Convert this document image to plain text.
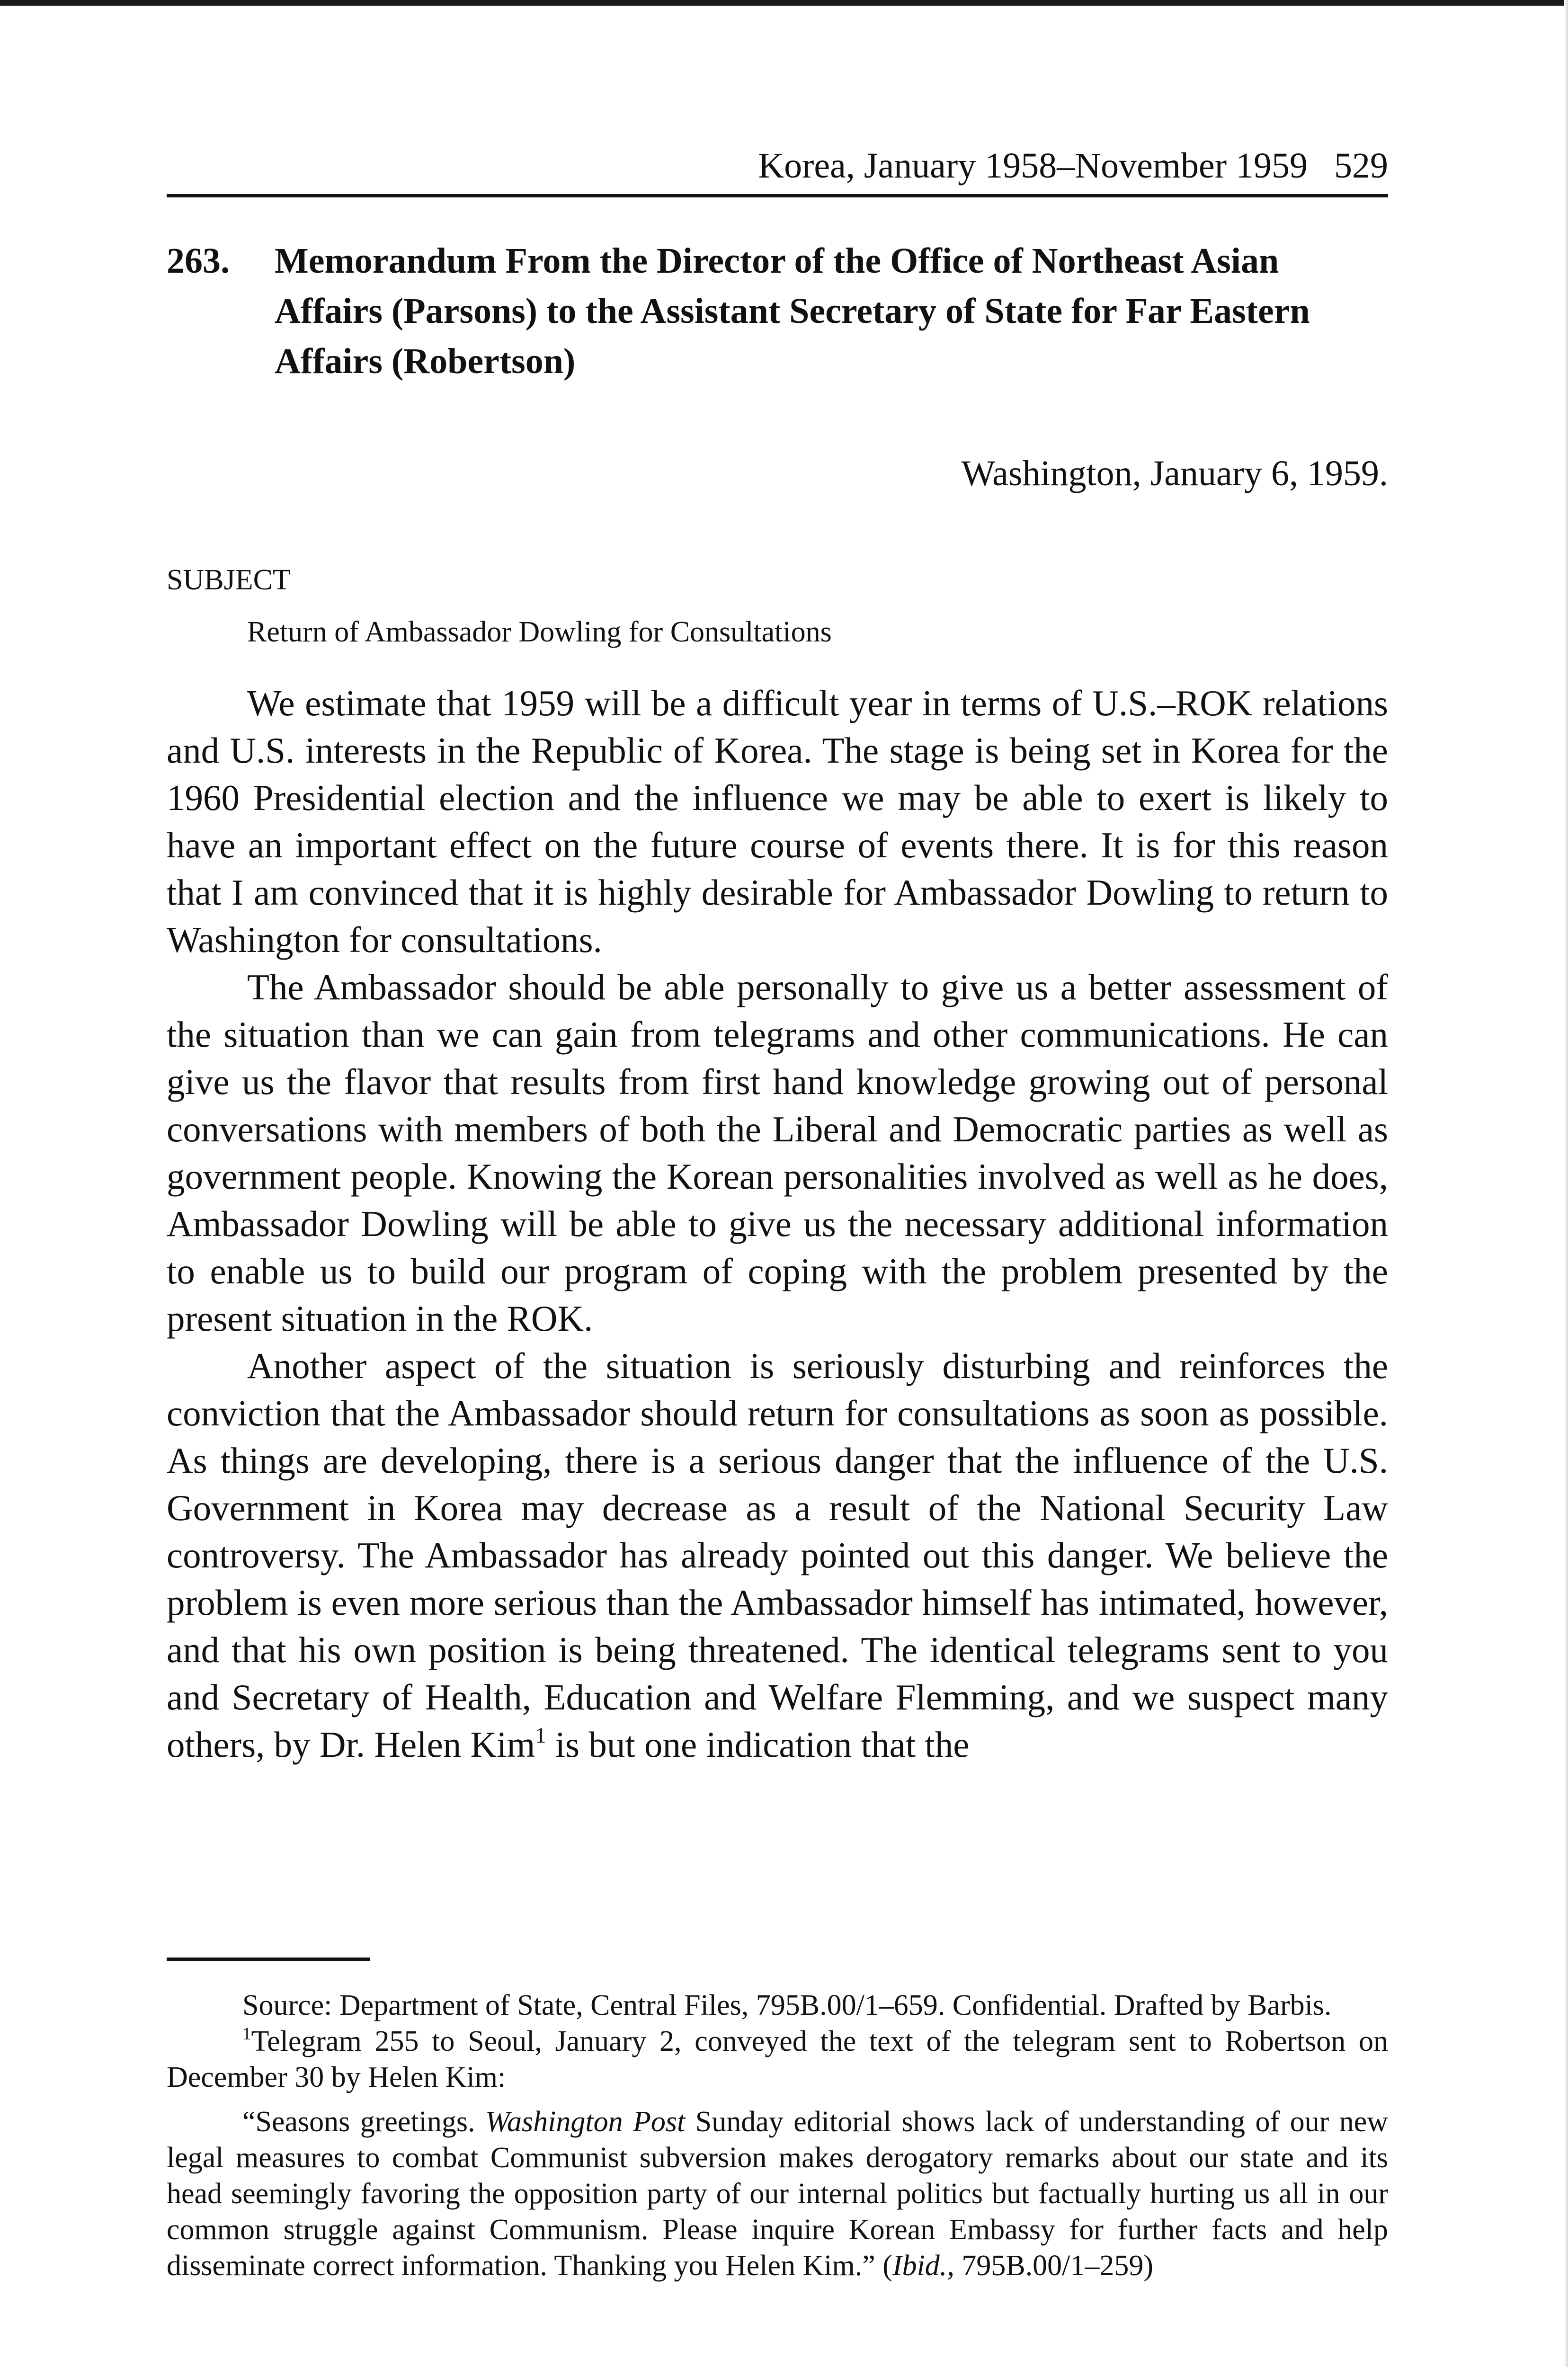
Korea, January 1958–November 1959 529
263. Memorandum From the Director of the Office of Northeast Asian Affairs (Parsons) to the Assistant Secretary of State for Far Eastern Affairs (Robertson)
Washington, January 6, 1959.
SUBJECT
Return of Ambassador Dowling for Consultations

We estimate that 1959 will be a difficult year in terms of U.S.–ROK relations and U.S. interests in the Republic of Korea. The stage is being set in Korea for the 1960 Presidential election and the influence we may be able to exert is likely to have an important effect on the future course of events there. It is for this reason that I am convinced that it is highly desirable for Ambassador Dowling to return to Washington for consultations.

The Ambassador should be able personally to give us a better assessment of the situation than we can gain from telegrams and other communications. He can give us the flavor that results from first hand knowledge growing out of personal conversations with members of both the Liberal and Democratic parties as well as government people. Knowing the Korean personalities involved as well as he does, Ambassador Dowling will be able to give us the necessary additional information to enable us to build our program of coping with the problem presented by the present situation in the ROK.

Another aspect of the situation is seriously disturbing and reinforces the conviction that the Ambassador should return for consultations as soon as possible. As things are developing, there is a serious danger that the influence of the U.S. Government in Korea may decrease as a result of the National Security Law controversy. The Ambassador has already pointed out this danger. We believe the problem is even more serious than the Ambassador himself has intimated, however, and that his own position is being threatened. The identical telegrams sent to you and Secretary of Health, Education and Welfare Flemming, and we suspect many others, by Dr. Helen Kim$^1$ is but one indication that the

Source: Department of State, Central Files, 795B.00/1–659. Confidential. Drafted by Barbis.

$^1$Telegram 255 to Seoul, January 2, conveyed the text of the telegram sent to Robertson on December 30 by Helen Kim:

“Seasons greetings. Washington Post Sunday editorial shows lack of understanding of our new legal measures to combat Communist subversion makes derogatory remarks about our state and its head seemingly favoring the opposition party of our internal politics but factually hurting us all in our common struggle against Communism. Please inquire Korean Embassy for further facts and help disseminate correct information. Thanking you Helen Kim.” (Ibid., 795B.00/1–259)
